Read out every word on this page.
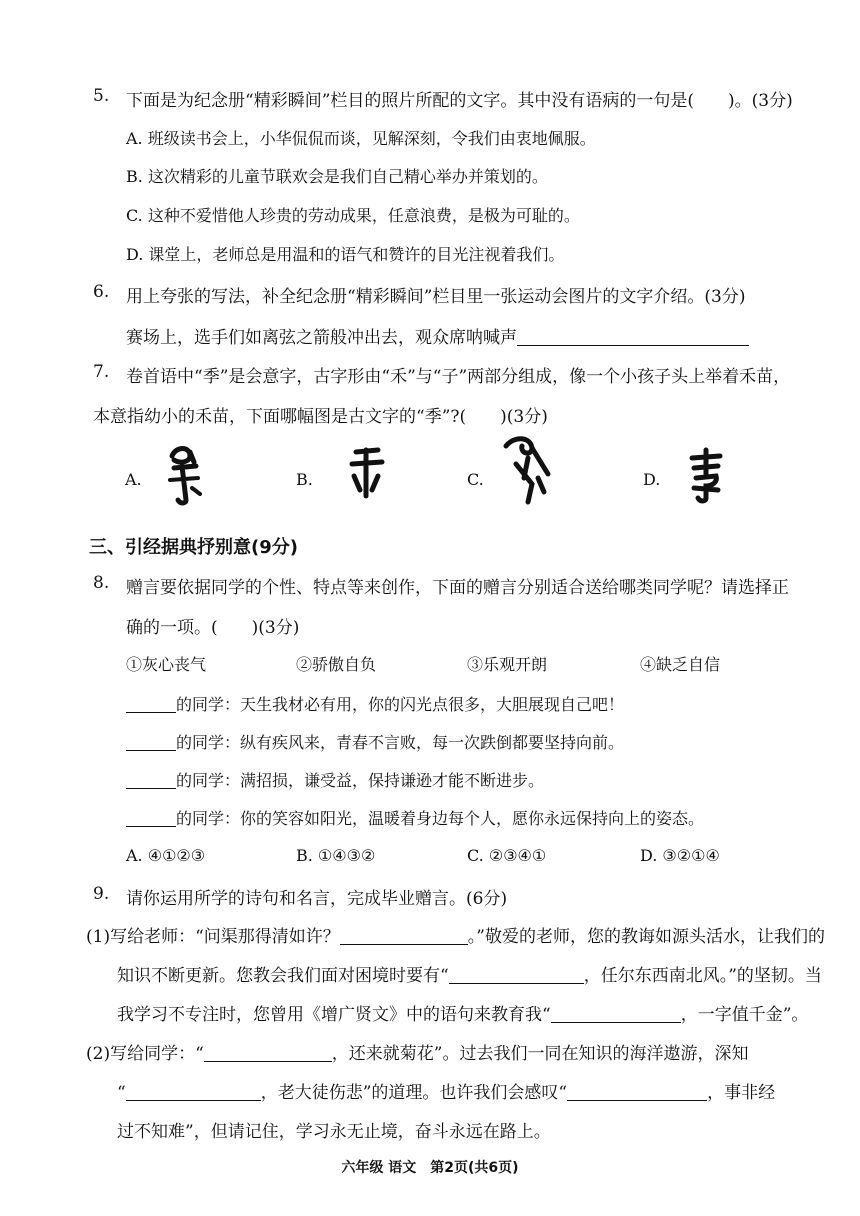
5. 下面是为纪念册“精彩瞬间”栏目的照片所配的文字。其中没有语病的一句是(　　)。(3分)
A. 班级读书会上，小华侃侃而谈，见解深刻，令我们由衷地佩服。
B. 这次精彩的儿童节联欢会是我们自己精心举办并策划的。
C. 这种不爱惜他人珍贵的劳动成果，任意浪费，是极为可耻的。
D. 课堂上，老师总是用温和的语气和赞许的目光注视着我们。
6. 用上夸张的写法，补全纪念册“精彩瞬间”栏目里一张运动会图片的文字介绍。(3分)
赛场上，选手们如离弦之箭般冲出去，观众席呐喊声
7. 卷首语中“季”是会意字，古字形由“禾”与“子”两部分组成，像一个小孩子头上举着禾苗，
本意指幼小的禾苗，下面哪幅图是古文字的“季”?(　　)(3分)
A.	B.	C.	D.
三、引经据典抒别意(9分)
8. 赠言要依据同学的个性、特点等来创作，下面的赠言分别适合送给哪类同学呢？请选择正
确的一项。(　　)(3分)
①灰心丧气	②骄傲自负	③乐观开朗	④缺乏自信
的同学：天生我材必有用，你的闪光点很多，大胆展现自己吧！
的同学：纵有疾风来，青春不言败，每一次跌倒都要坚持向前。
的同学：满招损，谦受益，保持谦逊才能不断进步。
的同学：你的笑容如阳光，温暖着身边每个人，愿你永远保持向上的姿态。
A. ④①②③	B. ①④③②	C. ②③④①	D. ③②①④
9. 请你运用所学的诗句和名言，完成毕业赠言。(6分)
(1)写给老师：“问渠那得清如许？	。”敬爱的老师，您的教诲如源头活水，让我们的
知识不断更新。您教会我们面对困境时要有“	，任尔东西南北风。”的坚韧。当
我学习不专注时，您曾用《增广贤文》中的语句来教育我“	，一字值千金”。
(2)写给同学：“	，还来就菊花”。过去我们一同在知识的海洋遨游，深知
“	，老大徒伤悲”的道理。也许我们会感叹“	，事非经
过不知难”，但请记住，学习永无止境，奋斗永远在路上。
六年级 语文　第2页(共6页)
